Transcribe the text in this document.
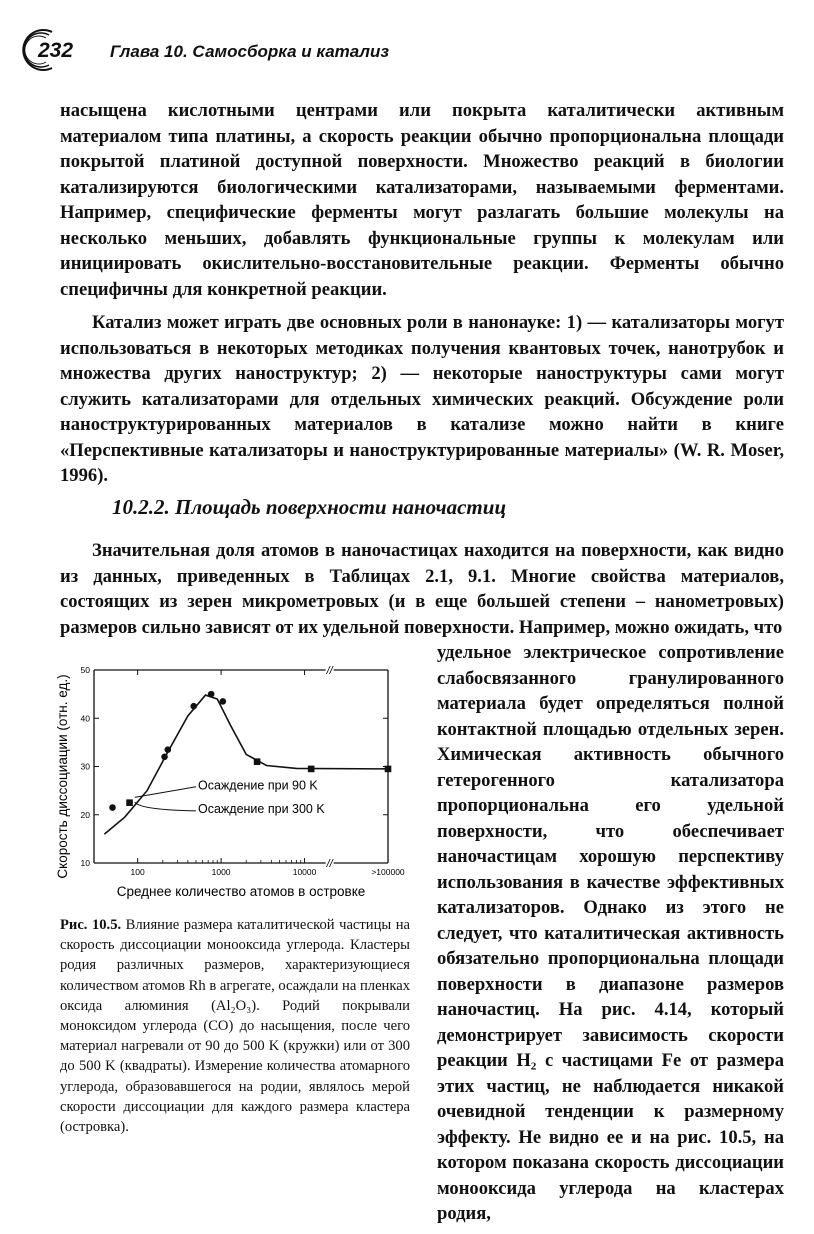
232 Глава 10. Самосборка и катализ

насыщена кислотными центрами или покрыта каталитически активным материалом типа платины, а скорость реакции обычно пропорциональна площади покрытой платиной доступной поверхности. Множество реакций в биологии катализируются биологическими катализаторами, называемыми ферментами. Например, специфические ферменты могут разлагать большие молекулы на несколько меньших, добавлять функциональные группы к молекулам или инициировать окислительно-восстановительные реакции. Ферменты обычно специфичны для конкретной реакции.

Катализ может играть две основных роли в нанонауке: 1) — катализаторы могут использоваться в некоторых методиках получения квантовых точек, нанотрубок и множества других наноструктур; 2) — некоторые наноструктуры сами могут служить катализаторами для отдельных химических реакций. Обсуждение роли наноструктурированных материалов в катализе можно найти в книге «Перспективные катализаторы и наноструктурированные материалы» (W. R. Moser, 1996).

10.2.2. Площадь поверхности наночастиц
Значительная доля атомов в наночастицах находится на поверхности, как видно из данных, приведенных в Таблицах 2.1, 9.1. Многие свойства материалов, состоящих из зерен микрометровых (и в еще большей степени – нанометровых) размеров сильно зависят от их удельной поверхности. Например, можно ожидать, что
удельное электрическое сопротивление слабосвязанного гранулированного материала будет определяться полной контактной площадью отдельных зерен. Химическая активность обычного гетерогенного катализатора пропорциональна его удельной поверхности, что обеспечивает наночастицам хорошую перспективу использования в качестве эффективных катализаторов. Однако из этого не следует, что каталитическая активность обязательно пропорциональна площади поверхности в диапазоне размеров наночастиц. На рис. 4.14, который демонстрирует зависимость скорости реакции H₂ с частицами Fe от размера этих частиц, не наблюдается никакой очевидной тенденции к размерному эффекту. Не видно ее и на рис. 10.5, на котором показана скорость диссоциации монооксида углерода на кластерах родия,
//
//
10
20
30
40
50
100	1000	10000	>100000
Осаждение при 90 K
Осаждение при 300 K
Среднее количество атомов в островке
Скорость диссоциации (отн. ед.)
Рис. 10.5. Влияние размера каталитической частицы на скорость диссоциации монооксида углерода. Кластеры родия различных размеров, характеризующиеся количеством атомов Rh в агрегате, осаждали на пленках оксида алюминия (Al₂O₃). Родий покрывали моноксидом углерода (CO) до насыщения, после чего материал нагревали от 90 до 500 K (кружки) или от 300 до 500 K (квадраты). Измерение количества атомарного углерода, образовавшегося на родии, являлось мерой скорости диссоциации для каждого размера кластера (островка).
